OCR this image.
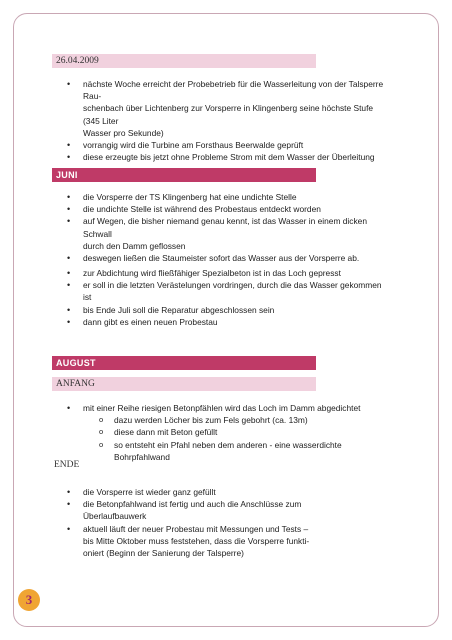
26.04.2009
• nächste Woche erreicht der Probebetrieb für die Wasserleitung von der Talsperre Rau-
schenbach über Lichtenberg zur Vorsperre in Klingenberg seine höchste Stufe (345 Liter
Wasser pro Sekunde)
• vorrangig wird die Turbine am Forsthaus Beerwalde geprüft
• diese erzeugte bis jetzt ohne Probleme Strom mit dem Wasser der Überleitung
JUNI
• die Vorsperre der TS Klingenberg hat eine undichte Stelle
• die undichte Stelle ist während des Probestaus entdeckt worden
• auf Wegen, die bisher niemand genau kennt, ist das Wasser in einem dicken Schwall
durch den Damm geflossen
• deswegen ließen die Staumeister sofort das Wasser aus der Vorsperre ab.
• zur Abdichtung wird fließfähiger Spezialbeton ist in das Loch gepresst
• er soll in die letzten Verästelungen vordringen, durch die das Wasser gekommen ist
• bis Ende Juli soll die Reparatur abgeschlossen sein
• dann gibt es einen neuen Probestau
AUGUST
ANFANG
• mit einer Reihe riesigen Betonpfählen wird das Loch im Damm abgedichtet
o dazu werden Löcher bis zum Fels gebohrt (ca. 13m)
o diese dann mit Beton gefüllt
o so entsteht ein Pfahl neben dem anderen - eine wasserdichte Bohrpfahlwand
ENDE
• die Vorsperre ist wieder ganz gefüllt
• die Betonpfahlwand ist fertig und auch die Anschlüsse zum
Überlaufbauwerk
• aktuell läuft der neuer Probestau mit Messungen und Tests –
bis Mitte Oktober muss feststehen, dass die Vorsperre funkti-
oniert (Beginn der Sanierung der Talsperre)
3
